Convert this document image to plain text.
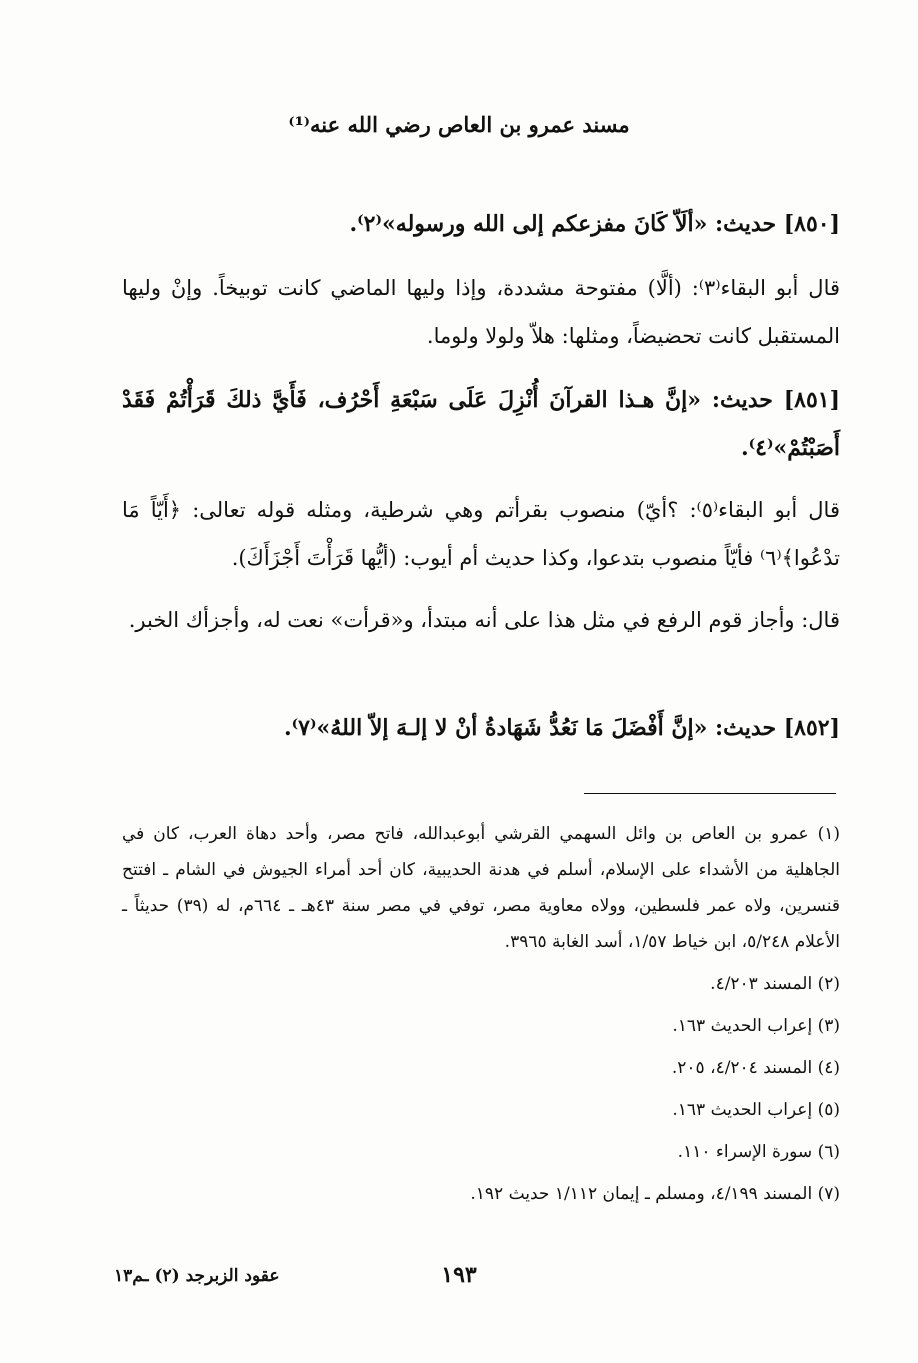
مسند عمرو بن العاص رضي الله عنه⁽¹⁾
[٨٥٠] حديث: «ألَاّ كَانَ مفزعكم إلى الله ورسوله»⁽٢⁾.
قال أبو البقاء⁽٣⁾: (ألَّا) مفتوحة مشددة، وإذا وليها الماضي كانت توبيخاً. وإنْ وليها المستقبل كانت تحضيضاً، ومثلها: هلاّ ولولا ولوما.
[٨٥١] حديث: «إنَّ هـذا القرآنَ أُنْزِلَ عَلَى سَبْعَةِ أَحْرُف، فَأَيَّ ذلكَ قَرَأْتُمْ فَقَدْ أَصَبْتُمْ»⁽٤⁾.
قال أبو البقاء⁽٥⁾: ؟أيّ) منصوب بقرأتم وهي شرطية، ومثله قوله تعالى: ﴿أَيّاً مَا تدْعُوا﴾⁽٦⁾ فأيّاً منصوب بتدعوا، وكذا حديث أم أيوب: (أيُّها قَرَأْتَ أَجْزَأَكَ).
قال: وأجاز قوم الرفع في مثل هذا على أنه مبتدأ، و«قرأت» نعت له، وأجزأك الخبر.
[٨٥٢] حديث: «إنَّ أَفْضَلَ مَا نَعُدُّ شَهَادةُ أنْ لا إلـهَ إلاّ اللهُ»⁽٧⁾.

(١) عمرو بن العاص بن وائل السهمي القرشي أبوعبدالله، فاتح مصر، وأحد دهاة العرب، كان في الجاهلية من الأشداء على الإسلام، أسلم في هدنة الحديبية، كان أحد أمراء الجيوش في الشام ـ افتتح قنسرين، ولاه عمر فلسطين، وولاه معاوية مصر، توفي في مصر سنة ٤٣هـ ـ ٦٦٤م، له (٣٩) حديثاً ـ الأعلام ٥/٢٤٨، ابن خياط ١/٥٧، أسد الغابة ٣٩٦٥.

(٢) المسند ٤/٢٠٣.

(٣) إعراب الحديث ١٦٣.

(٤) المسند ٤/٢٠٤، ٢٠٥.

(٥) إعراب الحديث ١٦٣.

(٦) سورة الإسراء ١١٠.

(٧) المسند ٤/١٩٩، ومسلم ـ إيمان ١/١١٢ حديث ١٩٢.

١٩٣
عقود الزبرجد (٢) ـم١٣
